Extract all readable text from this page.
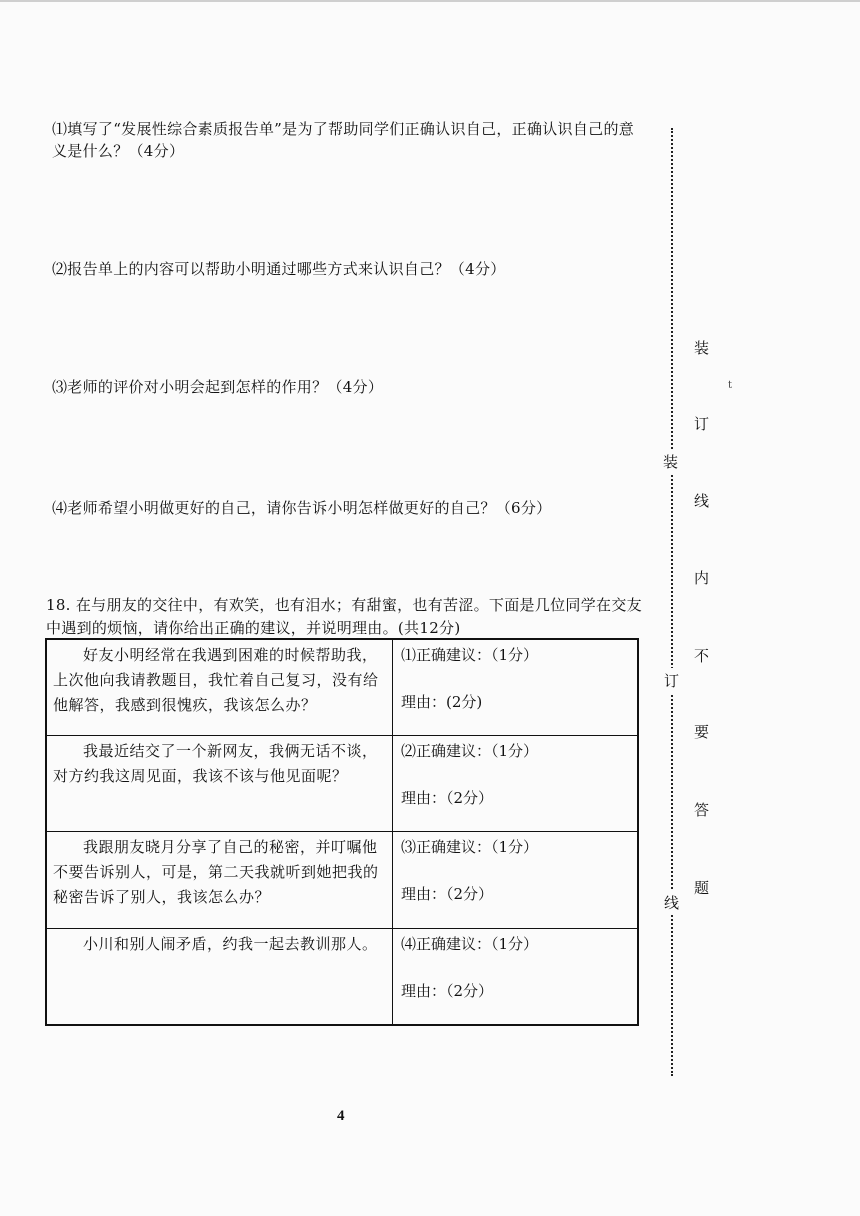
⑴填写了“发展性综合素质报告单”是为了帮助同学们正确认识自己，正确认识自己的意义是什么？（4分）

⑵报告单上的内容可以帮助小明通过哪些方式来认识自己？（4分）

⑶老师的评价对小明会起到怎样的作用？（4分）

⑷老师希望小明做更好的自己，请你告诉小明怎样做更好的自己？（6分）

18. 在与朋友的交往中，有欢笑，也有泪水；有甜蜜，也有苦涩。下面是几位同学在交友中遇到的烦恼，请你给出正确的建议，并说明理由。(共12分)

好友小明经常在我遇到困难的时候帮助我，上次他向我请教题目，我忙着自己复习，没有给他解答，我感到很愧疚，我该怎么办？	⑴正确建议：（1分）
理由：(2分)

我最近结交了一个新网友，我俩无话不谈，对方约我这周见面，我该不该与他见面呢？	⑵正确建议：（1分）
理由：（2分）

我跟朋友晓月分享了自己的秘密，并叮嘱他不要告诉别人，可是，第二天我就听到她把我的秘密告诉了别人，我该怎么办？	⑶正确建议：（1分）
理由：（2分）

小川和别人闹矛盾，约我一起去教训那人。	⑷正确建议：（1分）
理由：（2分）
4
装
订
线
装
订
线
内
不
要
答
题
t
